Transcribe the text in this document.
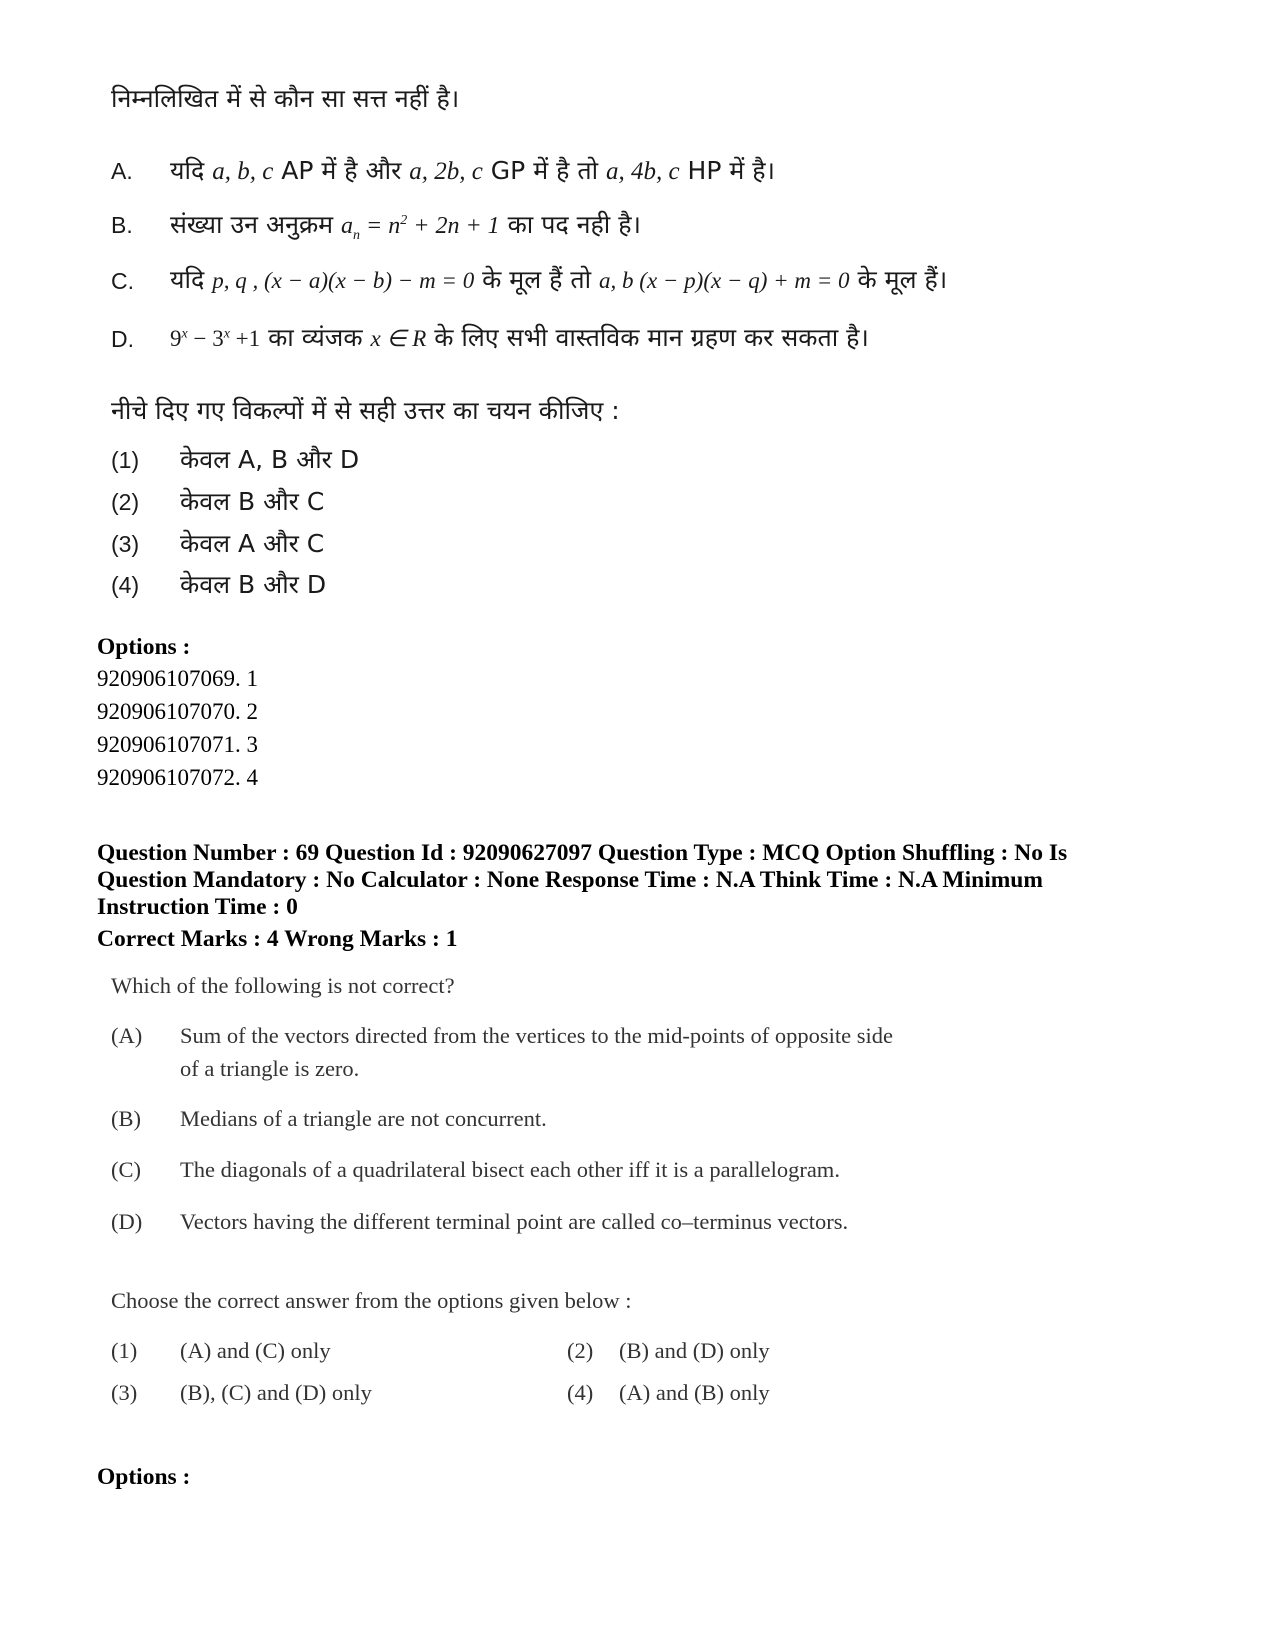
निम्नलिखित में से कौन सा सत्त नहीं है।
A. यदि a, b, c AP में है और a, 2b, c GP में है तो a, 4b, c HP में है।
B. संख्या उन अनुक्रम $a_n = n^2 + 2n + 1$ का पद नही है।
C. यदि p, q , (x − a)(x − b) − m = 0 के मूल हैं तो a, b (x − p)(x − q) + m = 0 के मूल हैं।
D. $9^x - 3^x +1$ का व्यंजक x ∈ R के लिए सभी वास्तविक मान ग्रहण कर सकता है।
नीचे दिए गए विकल्पों में से सही उत्तर का चयन कीजिए :
(1) केवल A, B और D
(2) केवल B और C
(3) केवल A और C
(4) केवल B और D
Options :
920906107069. 1
920906107070. 2
920906107071. 3
920906107072. 4
Question Number : 69 Question Id : 92090627097 Question Type : MCQ Option Shuffling : No Is
Question Mandatory : No Calculator : None Response Time : N.A Think Time : N.A Minimum
Instruction Time : 0
Correct Marks : 4 Wrong Marks : 1
Which of the following is not correct?
(A) Sum of the vectors directed from the vertices to the mid-points of opposite side
of a triangle is zero.
(B) Medians of a triangle are not concurrent.
(C) The diagonals of a quadrilateral bisect each other iff it is a parallelogram.
(D) Vectors having the different terminal point are called co–terminus vectors.
Choose the correct answer from the options given below :
(1) (A) and (C) only	(2) (B) and (D) only
(3) (B), (C) and (D) only	(4) (A) and (B) only
Options :
